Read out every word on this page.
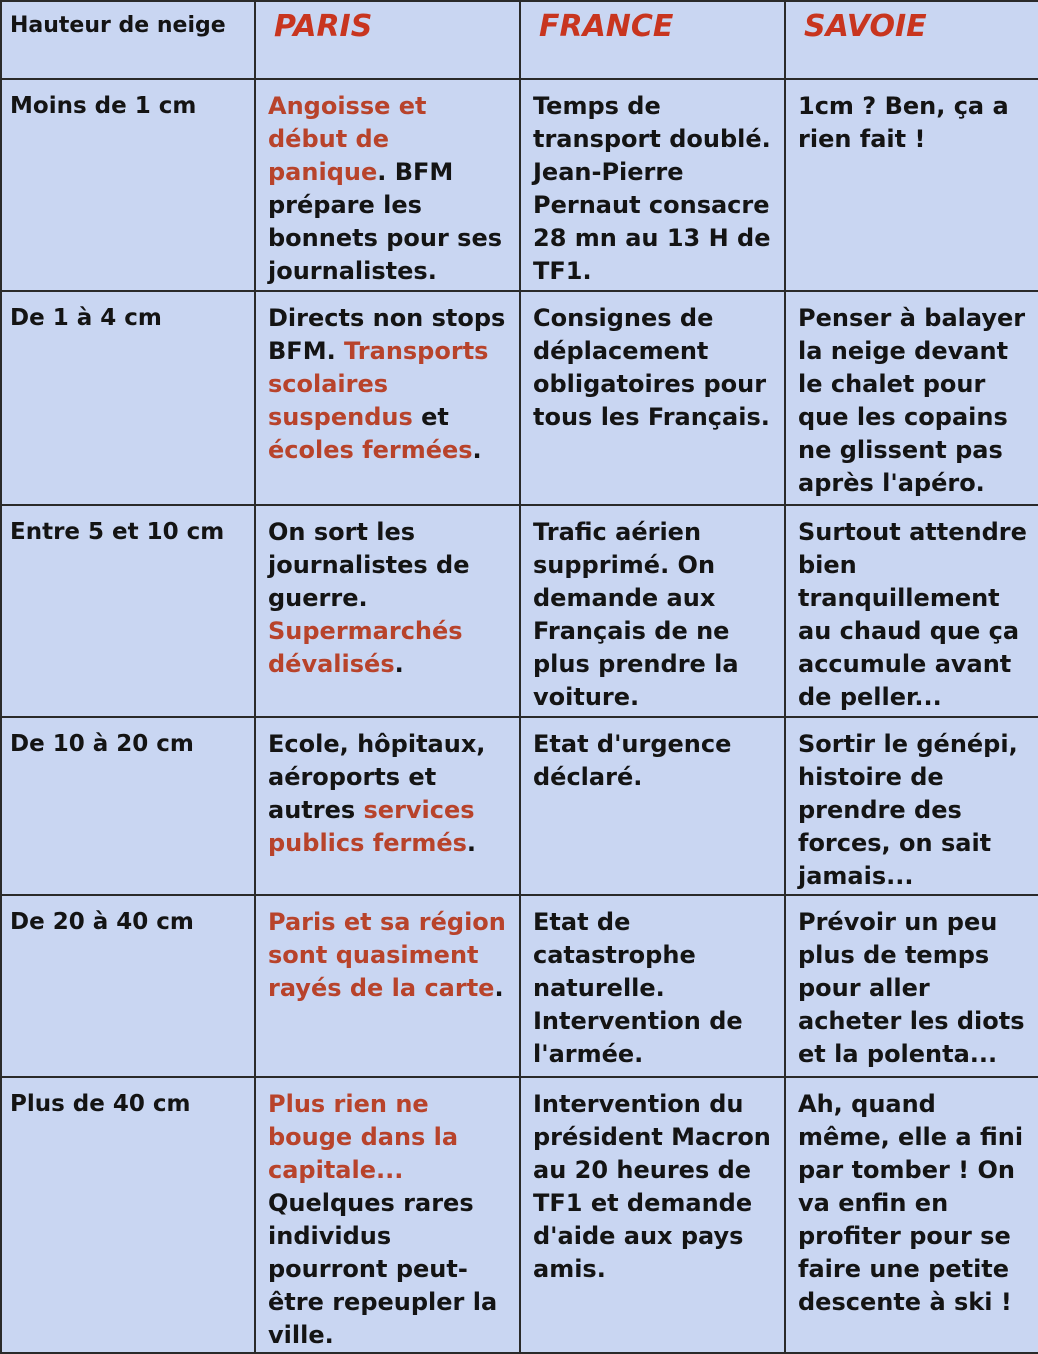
Hauteur de neige	PARIS	FRANCE	SAVOIE
Moins de 1 cm	Angoisse et début de panique. BFM prépare les bonnets pour ses journalistes.	Temps de transport doublé. Jean-Pierre Pernaut consacre 28 mn au 13 H de TF1.	1cm ? Ben, ça a rien fait !
De 1 à 4 cm	Directs non stops BFM. Transports scolaires suspendus et écoles fermées.	Consignes de déplacement obligatoires pour tous les Français.	Penser à balayer la neige devant le chalet pour que les copains ne glissent pas après l'apéro.
Entre 5 et 10 cm	On sort les journalistes de guerre. Supermarchés dévalisés.	Trafic aérien supprimé. On demande aux Français de ne plus prendre la voiture.	Surtout attendre bien tranquillement au chaud que ça accumule avant de peller...
De 10 à 20 cm	Ecole, hôpitaux, aéroports et autres services publics fermés.	Etat d'urgence déclaré.	Sortir le génépi, histoire de prendre des forces, on sait jamais...
De 20 à 40 cm	Paris et sa région sont quasiment rayés de la carte.	Etat de catastrophe naturelle. Intervention de l'armée.	Prévoir un peu plus de temps pour aller acheter les diots et la polenta...
Plus de 40 cm	Plus rien ne bouge dans la capitale... Quelques rares individus pourront peut-être repeupler la ville.	Intervention du président Macron au 20 heures de TF1 et demande d'aide aux pays amis.	Ah, quand même, elle a fini par tomber ! On va enfin en profiter pour se faire une petite descente à ski !
